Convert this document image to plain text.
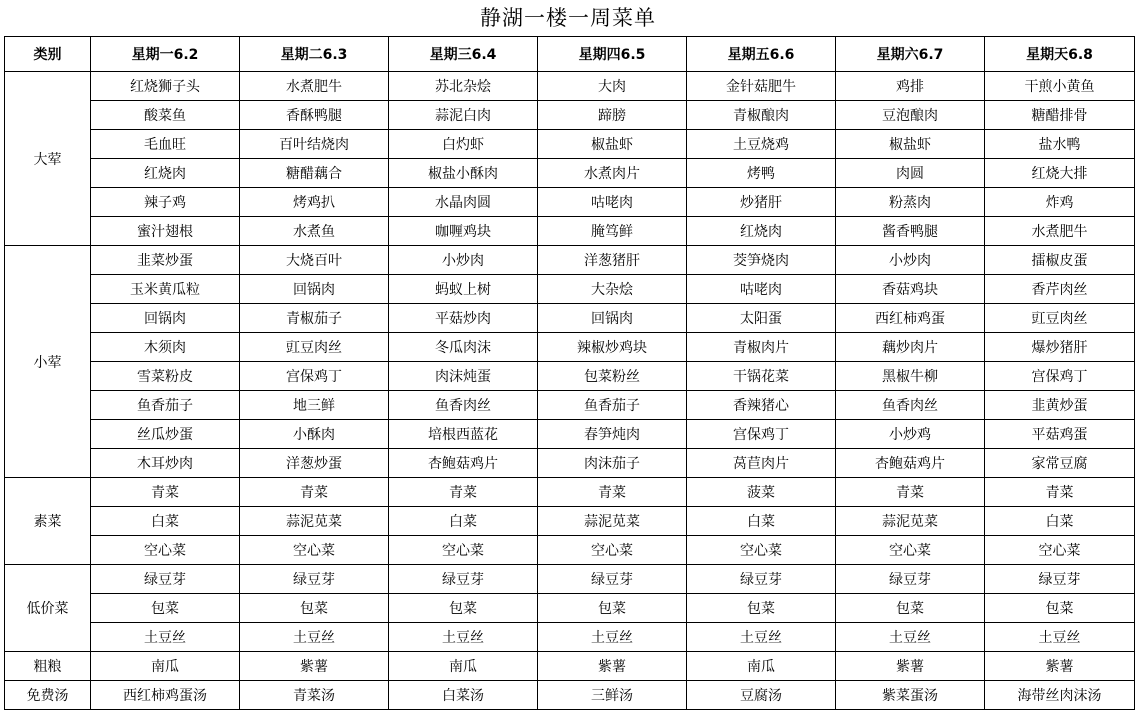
静湖一楼一周菜单
类别	星期一6.2	星期二6.3	星期三6.4	星期四6.5	星期五6.6	星期六6.7	星期天6.8
大荤	红烧狮子头	水煮肥牛	苏北杂烩	大肉	金针菇肥牛	鸡排	干煎小黄鱼
	酸菜鱼	香酥鸭腿	蒜泥白肉	蹄膀	青椒酿肉	豆泡酿肉	糖醋排骨
	毛血旺	百叶结烧肉	白灼虾	椒盐虾	土豆烧鸡	椒盐虾	盐水鸭
	红烧肉	糖醋藕合	椒盐小酥肉	水煮肉片	烤鸭	肉圆	红烧大排
	辣子鸡	烤鸡扒	水晶肉圆	咕咾肉	炒猪肝	粉蒸肉	炸鸡
	蜜汁翅根	水煮鱼	咖喱鸡块	腌笃鲜	红烧肉	酱香鸭腿	水煮肥牛
小荤	韭菜炒蛋	大烧百叶	小炒肉	洋葱猪肝	茭笋烧肉	小炒肉	擂椒皮蛋
	玉米黄瓜粒	回锅肉	蚂蚁上树	大杂烩	咕咾肉	香菇鸡块	香芹肉丝
	回锅肉	青椒茄子	平菇炒肉	回锅肉	太阳蛋	西红柿鸡蛋	豇豆肉丝
	木须肉	豇豆肉丝	冬瓜肉沫	辣椒炒鸡块	青椒肉片	藕炒肉片	爆炒猪肝
	雪菜粉皮	宫保鸡丁	肉沫炖蛋	包菜粉丝	干锅花菜	黑椒牛柳	宫保鸡丁
	鱼香茄子	地三鲜	鱼香肉丝	鱼香茄子	香辣猪心	鱼香肉丝	韭黄炒蛋
	丝瓜炒蛋	小酥肉	培根西蓝花	春笋炖肉	宫保鸡丁	小炒鸡	平菇鸡蛋
	木耳炒肉	洋葱炒蛋	杏鲍菇鸡片	肉沫茄子	莴苣肉片	杏鲍菇鸡片	家常豆腐
素菜	青菜	青菜	青菜	青菜	菠菜	青菜	青菜
	白菜	蒜泥苋菜	白菜	蒜泥苋菜	白菜	蒜泥苋菜	白菜
	空心菜	空心菜	空心菜	空心菜	空心菜	空心菜	空心菜
低价菜	绿豆芽	绿豆芽	绿豆芽	绿豆芽	绿豆芽	绿豆芽	绿豆芽
	包菜	包菜	包菜	包菜	包菜	包菜	包菜
	土豆丝	土豆丝	土豆丝	土豆丝	土豆丝	土豆丝	土豆丝
粗粮	南瓜	紫薯	南瓜	紫薯	南瓜	紫薯	紫薯
免费汤	西红柿鸡蛋汤	青菜汤	白菜汤	三鲜汤	豆腐汤	紫菜蛋汤	海带丝肉沫汤
